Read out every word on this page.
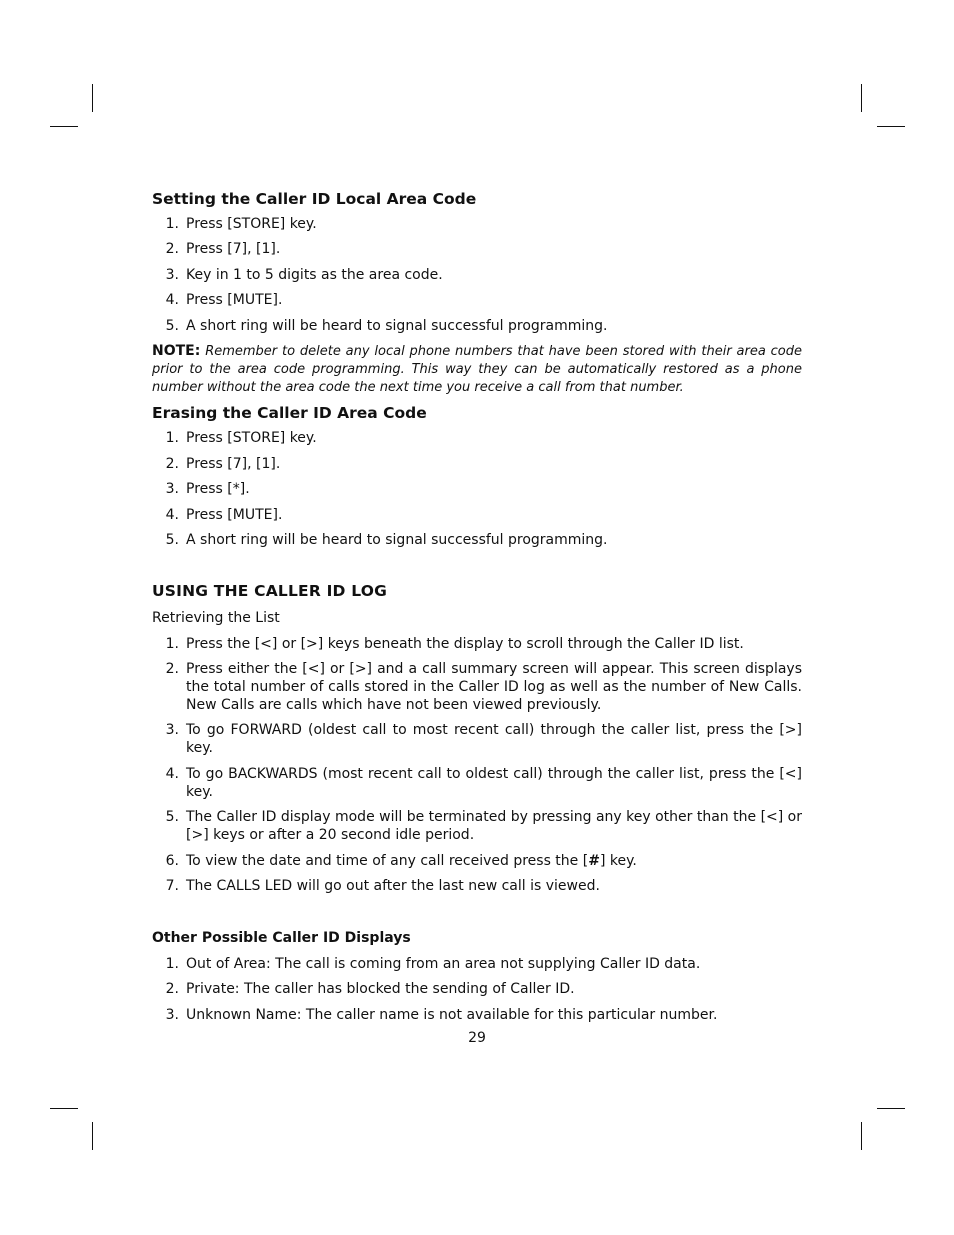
Setting the Caller ID Local Area Code
1. Press [STORE] key.
2. Press [7], [1].
3. Key in 1 to 5 digits as the area code.
4. Press [MUTE].
5. A short ring will be heard to signal successful programming.

NOTE: Remember to delete any local phone numbers that have been stored with their area code prior to the area code programming. This way they can be automatically restored as a phone number without the area code the next time you receive a call from that number.

Erasing the Caller ID Area Code
1. Press [STORE] key.
2. Press [7], [1].
3. Press [*].
4. Press [MUTE].
5. A short ring will be heard to signal successful programming.
USING THE CALLER ID LOG
Retrieving the List
1. Press the [<] or [>] keys beneath the display to scroll through the Caller ID list.
2. Press either the [<] or [>] and a call summary screen will appear. This screen displays the total number of calls stored in the Caller ID log as well as the number of New Calls. New Calls are calls which have not been viewed previously.
3. To go FORWARD (oldest call to most recent call) through the caller list, press the [>] key.
4. To go BACKWARDS (most recent call to oldest call) through the caller list, press the [<] key.
5. The Caller ID display mode will be terminated by pressing any key other than the [<] or [>] keys or after a 20 second idle period.
6. To view the date and time of any call received press the [#] key.
7. The CALLS LED will go out after the last new call is viewed.
Other Possible Caller ID Displays
1. Out of Area: The call is coming from an area not supplying Caller ID data.
2. Private: The caller has blocked the sending of Caller ID.
3. Unknown Name: The caller name is not available for this particular number.
29
